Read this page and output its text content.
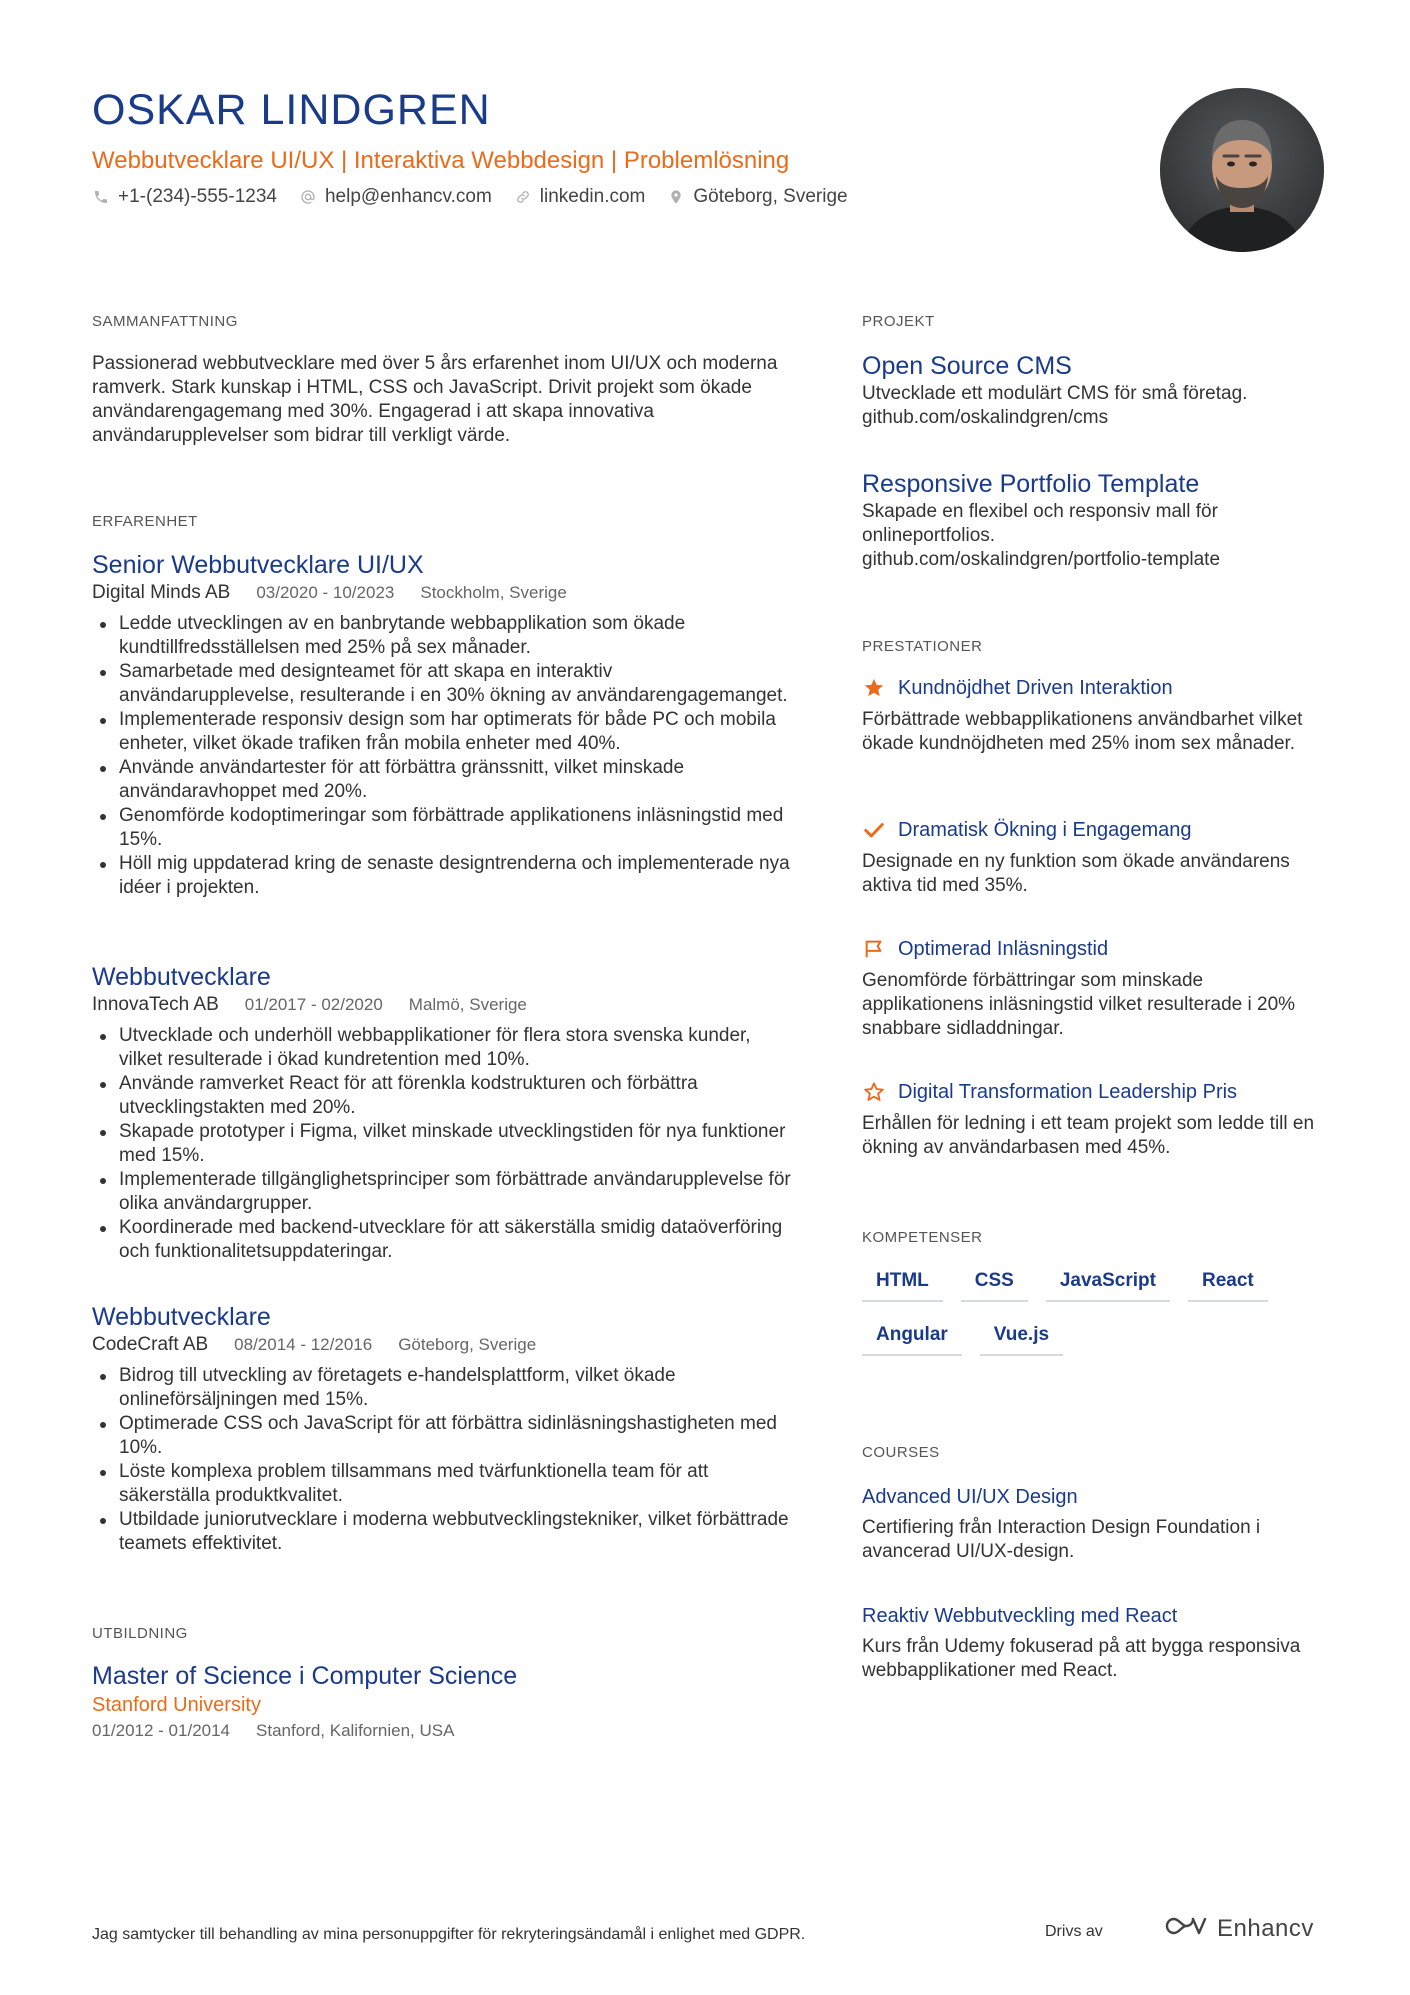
OSKAR LINDGREN
Webbutvecklare UI/UX | Interaktiva Webbdesign | Problemlösning
+1-(234)-555-1234	help@enhancv.com	linkedin.com	Göteborg, Sverige
SAMMANFATTNING

Passionerad webbutvecklare med över 5 års erfarenhet inom UI/UX och moderna ramverk. Stark kunskap i HTML, CSS och JavaScript. Drivit projekt som ökade användarengagemang med 30%. Engagerad i att skapa innovativa användarupplevelser som bidrar till verkligt värde.

ERFARENHET
Senior Webbutvecklare UI/UX
Digital Minds AB 03/2020 - 10/2023 Stockholm, Sverige
Ledde utvecklingen av en banbrytande webbapplikation som ökade kundtillfredsställelsen med 25% på sex månader.
Samarbetade med designteamet för att skapa en interaktiv användarupplevelse, resulterande i en 30% ökning av användarengagemanget.
Implementerade responsiv design som har optimerats för både PC och mobila enheter, vilket ökade trafiken från mobila enheter med 40%.
Använde användartester för att förbättra gränssnitt, vilket minskade användaravhoppet med 20%.
Genomförde kodoptimeringar som förbättrade applikationens inläsningstid med 15%.
Höll mig uppdaterad kring de senaste designtrenderna och implementerade nya idéer i projekten.
Webbutvecklare
InnovaTech AB 01/2017 - 02/2020 Malmö, Sverige
Utvecklade och underhöll webbapplikationer för flera stora svenska kunder, vilket resulterade i ökad kundretention med 10%.
Använde ramverket React för att förenkla kodstrukturen och förbättra utvecklingstakten med 20%.
Skapade prototyper i Figma, vilket minskade utvecklingstiden för nya funktioner med 15%.
Implementerade tillgänglighetsprinciper som förbättrade användarupplevelse för olika användargrupper.
Koordinerade med backend-utvecklare för att säkerställa smidig dataöverföring och funktionalitetsuppdateringar.
Webbutvecklare
CodeCraft AB 08/2014 - 12/2016 Göteborg, Sverige
Bidrog till utveckling av företagets e-handelsplattform, vilket ökade onlineförsäljningen med 15%.
Optimerade CSS och JavaScript för att förbättra sidinläsningshastigheten med 10%.
Löste komplexa problem tillsammans med tvärfunktionella team för att säkerställa produktkvalitet.
Utbildade juniorutvecklare i moderna webbutvecklingstekniker, vilket förbättrade teamets effektivitet.
UTBILDNING
Master of Science i Computer Science
Stanford University
01/2012 - 01/2014 Stanford, Kalifornien, USA
PROJEKT
Open Source CMS
Utvecklade ett modulärt CMS för små företag.
github.com/oskalindgren/cms
Responsive Portfolio Template
Skapade en flexibel och responsiv mall för onlineportfolios.
github.com/oskalindgren/portfolio-template
PRESTATIONER
Kundnöjdhet Driven Interaktion
Förbättrade webbapplikationens användbarhet vilket ökade kundnöjdheten med 25% inom sex månader.
Dramatisk Ökning i Engagemang
Designade en ny funktion som ökade användarens aktiva tid med 35%.
Optimerad Inläsningstid
Genomförde förbättringar som minskade applikationens inläsningstid vilket resulterade i 20% snabbare sidladdningar.
Digital Transformation Leadership Pris
Erhållen för ledning i ett team projekt som ledde till en ökning av användarbasen med 45%.
KOMPETENSER
HTML	CSS	JavaScript	React
Angular	Vue.js
COURSES
Advanced UI/UX Design
Certifiering från Interaction Design Foundation i avancerad UI/UX-design.
Reaktiv Webbutveckling med React
Kurs från Udemy fokuserad på att bygga responsiva webbapplikationer med React.
Jag samtycker till behandling av mina personuppgifter för rekryteringsändamål i enlighet med GDPR.	Drivs av	Enhancv
